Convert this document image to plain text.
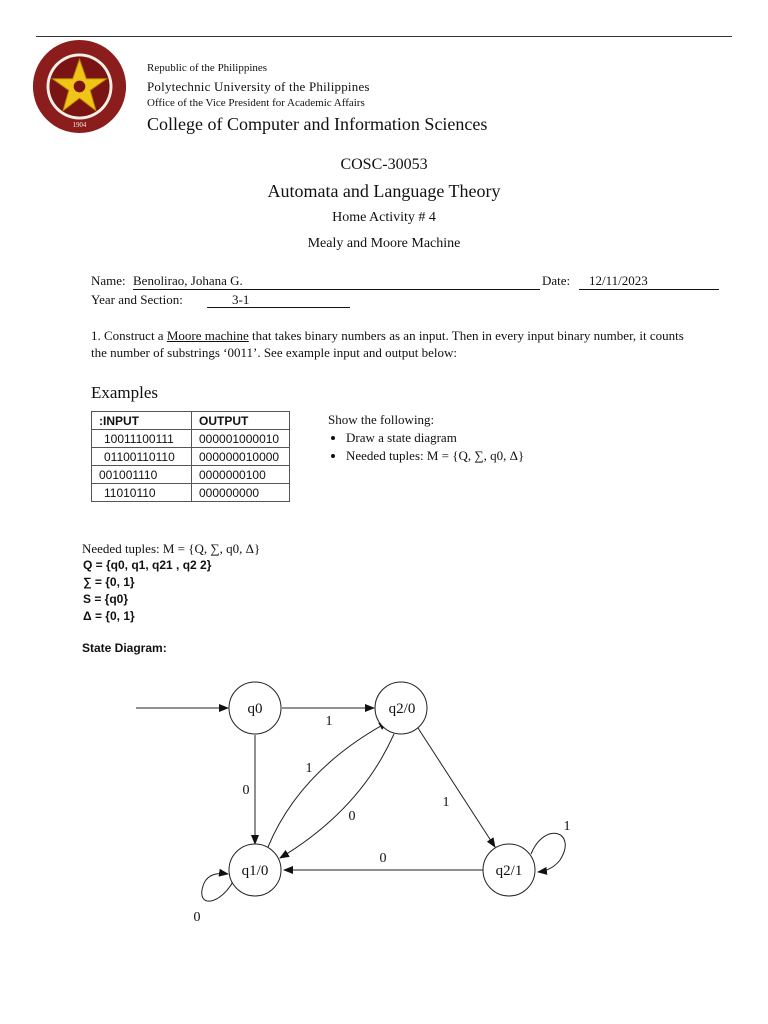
1904
Republic of the Philippines
Polytechnic University of the Philippines
Office of the Vice President for Academic Affairs
College of Computer and Information Sciences
COSC-30053
Automata and Language Theory
Home Activity # 4
Mealy and Moore Machine
Name: Benolirao, Johana G.	Date:	12/11/2023
Year and Section:	3-1
1. Construct a Moore machine that takes binary numbers as an input. Then in every input binary number, it counts the number of substrings ‘0011’. See example input and output below:
Examples
:INPUT	OUTPUT
10011100111	000001000010
01100110110	000000010000
001001110	0000000100
11010110	000000000
Show the following:
• Draw a state diagram
• Needed tuples: M = {Q, ∑, q0, Δ}
Needed tuples: M = {Q, ∑, q0, Δ}
Q = {q0, q1, q21 , q2 2}
∑ = {0, 1}
S = {q0}
Δ = {0, 1}
State Diagram:
q0	q2/0
q1/0	q2/1
1
0
1
0
1
0
1
0
